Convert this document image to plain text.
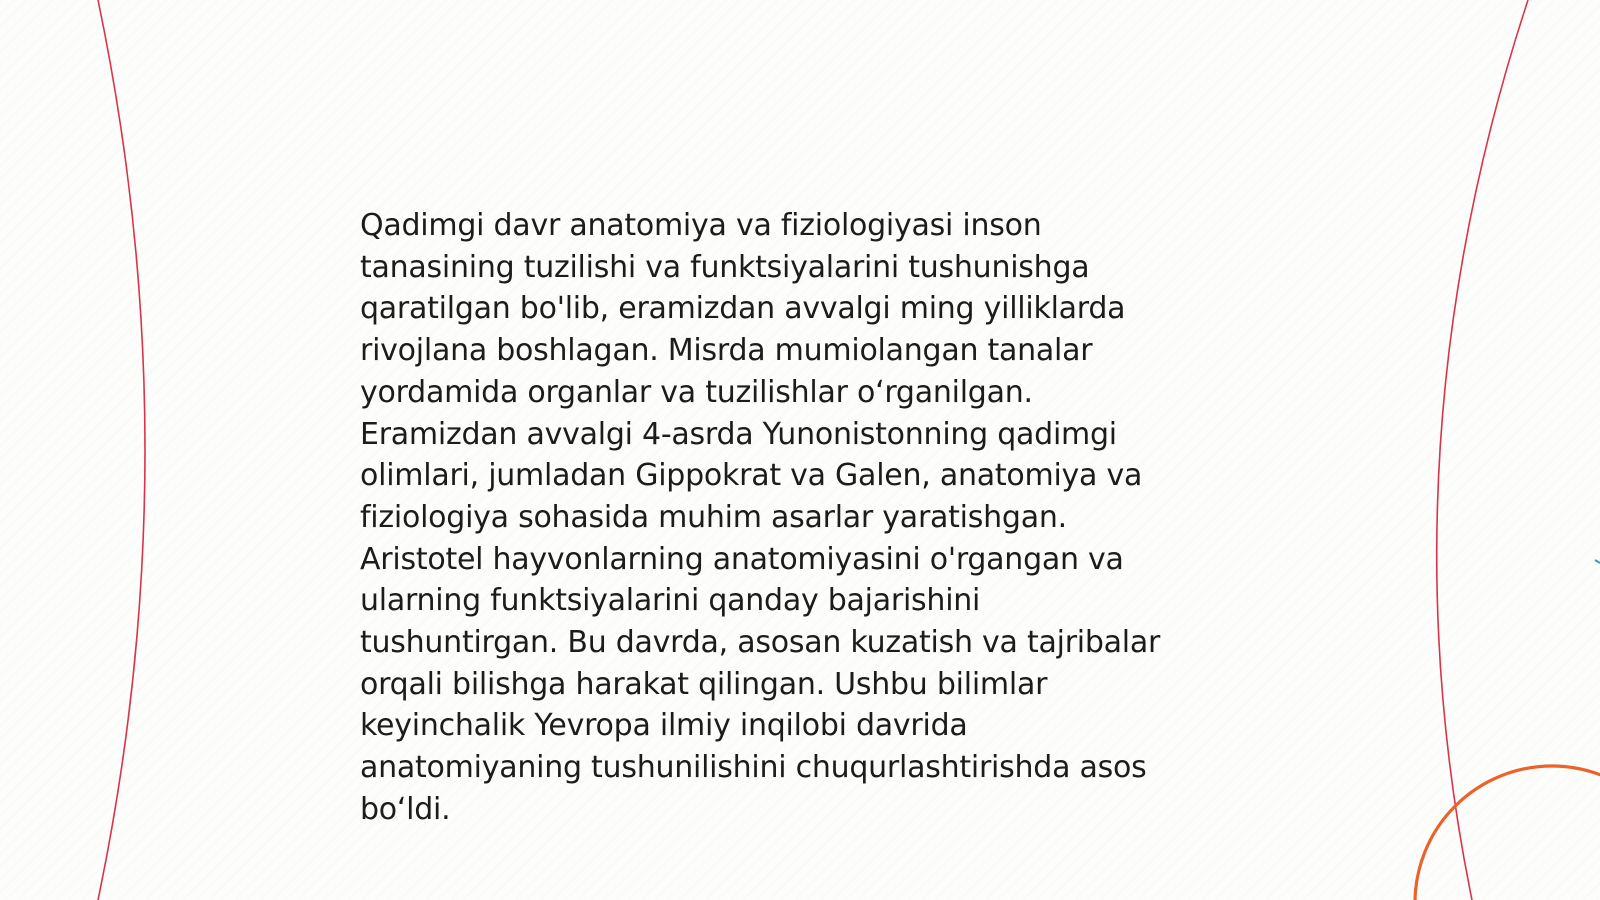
Qadimgi davr anatomiya va fiziologiyasi inson
tanasining tuzilishi va funktsiyalarini tushunishga
qaratilgan bo'lib, eramizdan avvalgi ming yilliklarda
rivojlana boshlagan. Misrda mumiolangan tanalar
yordamida organlar va tuzilishlar o‘rganilgan.
Eramizdan avvalgi 4-asrda Yunonistonning qadimgi
olimlari, jumladan Gippokrat va Galen, anatomiya va
fiziologiya sohasida muhim asarlar yaratishgan.
Aristotel hayvonlarning anatomiyasini o'rgangan va
ularning funktsiyalarini qanday bajarishini
tushuntirgan. Bu davrda, asosan kuzatish va tajribalar
orqali bilishga harakat qilingan. Ushbu bilimlar
keyinchalik Yevropa ilmiy inqilobi davrida
anatomiyaning tushunilishini chuqurlashtirishda asos
bo‘ldi.
